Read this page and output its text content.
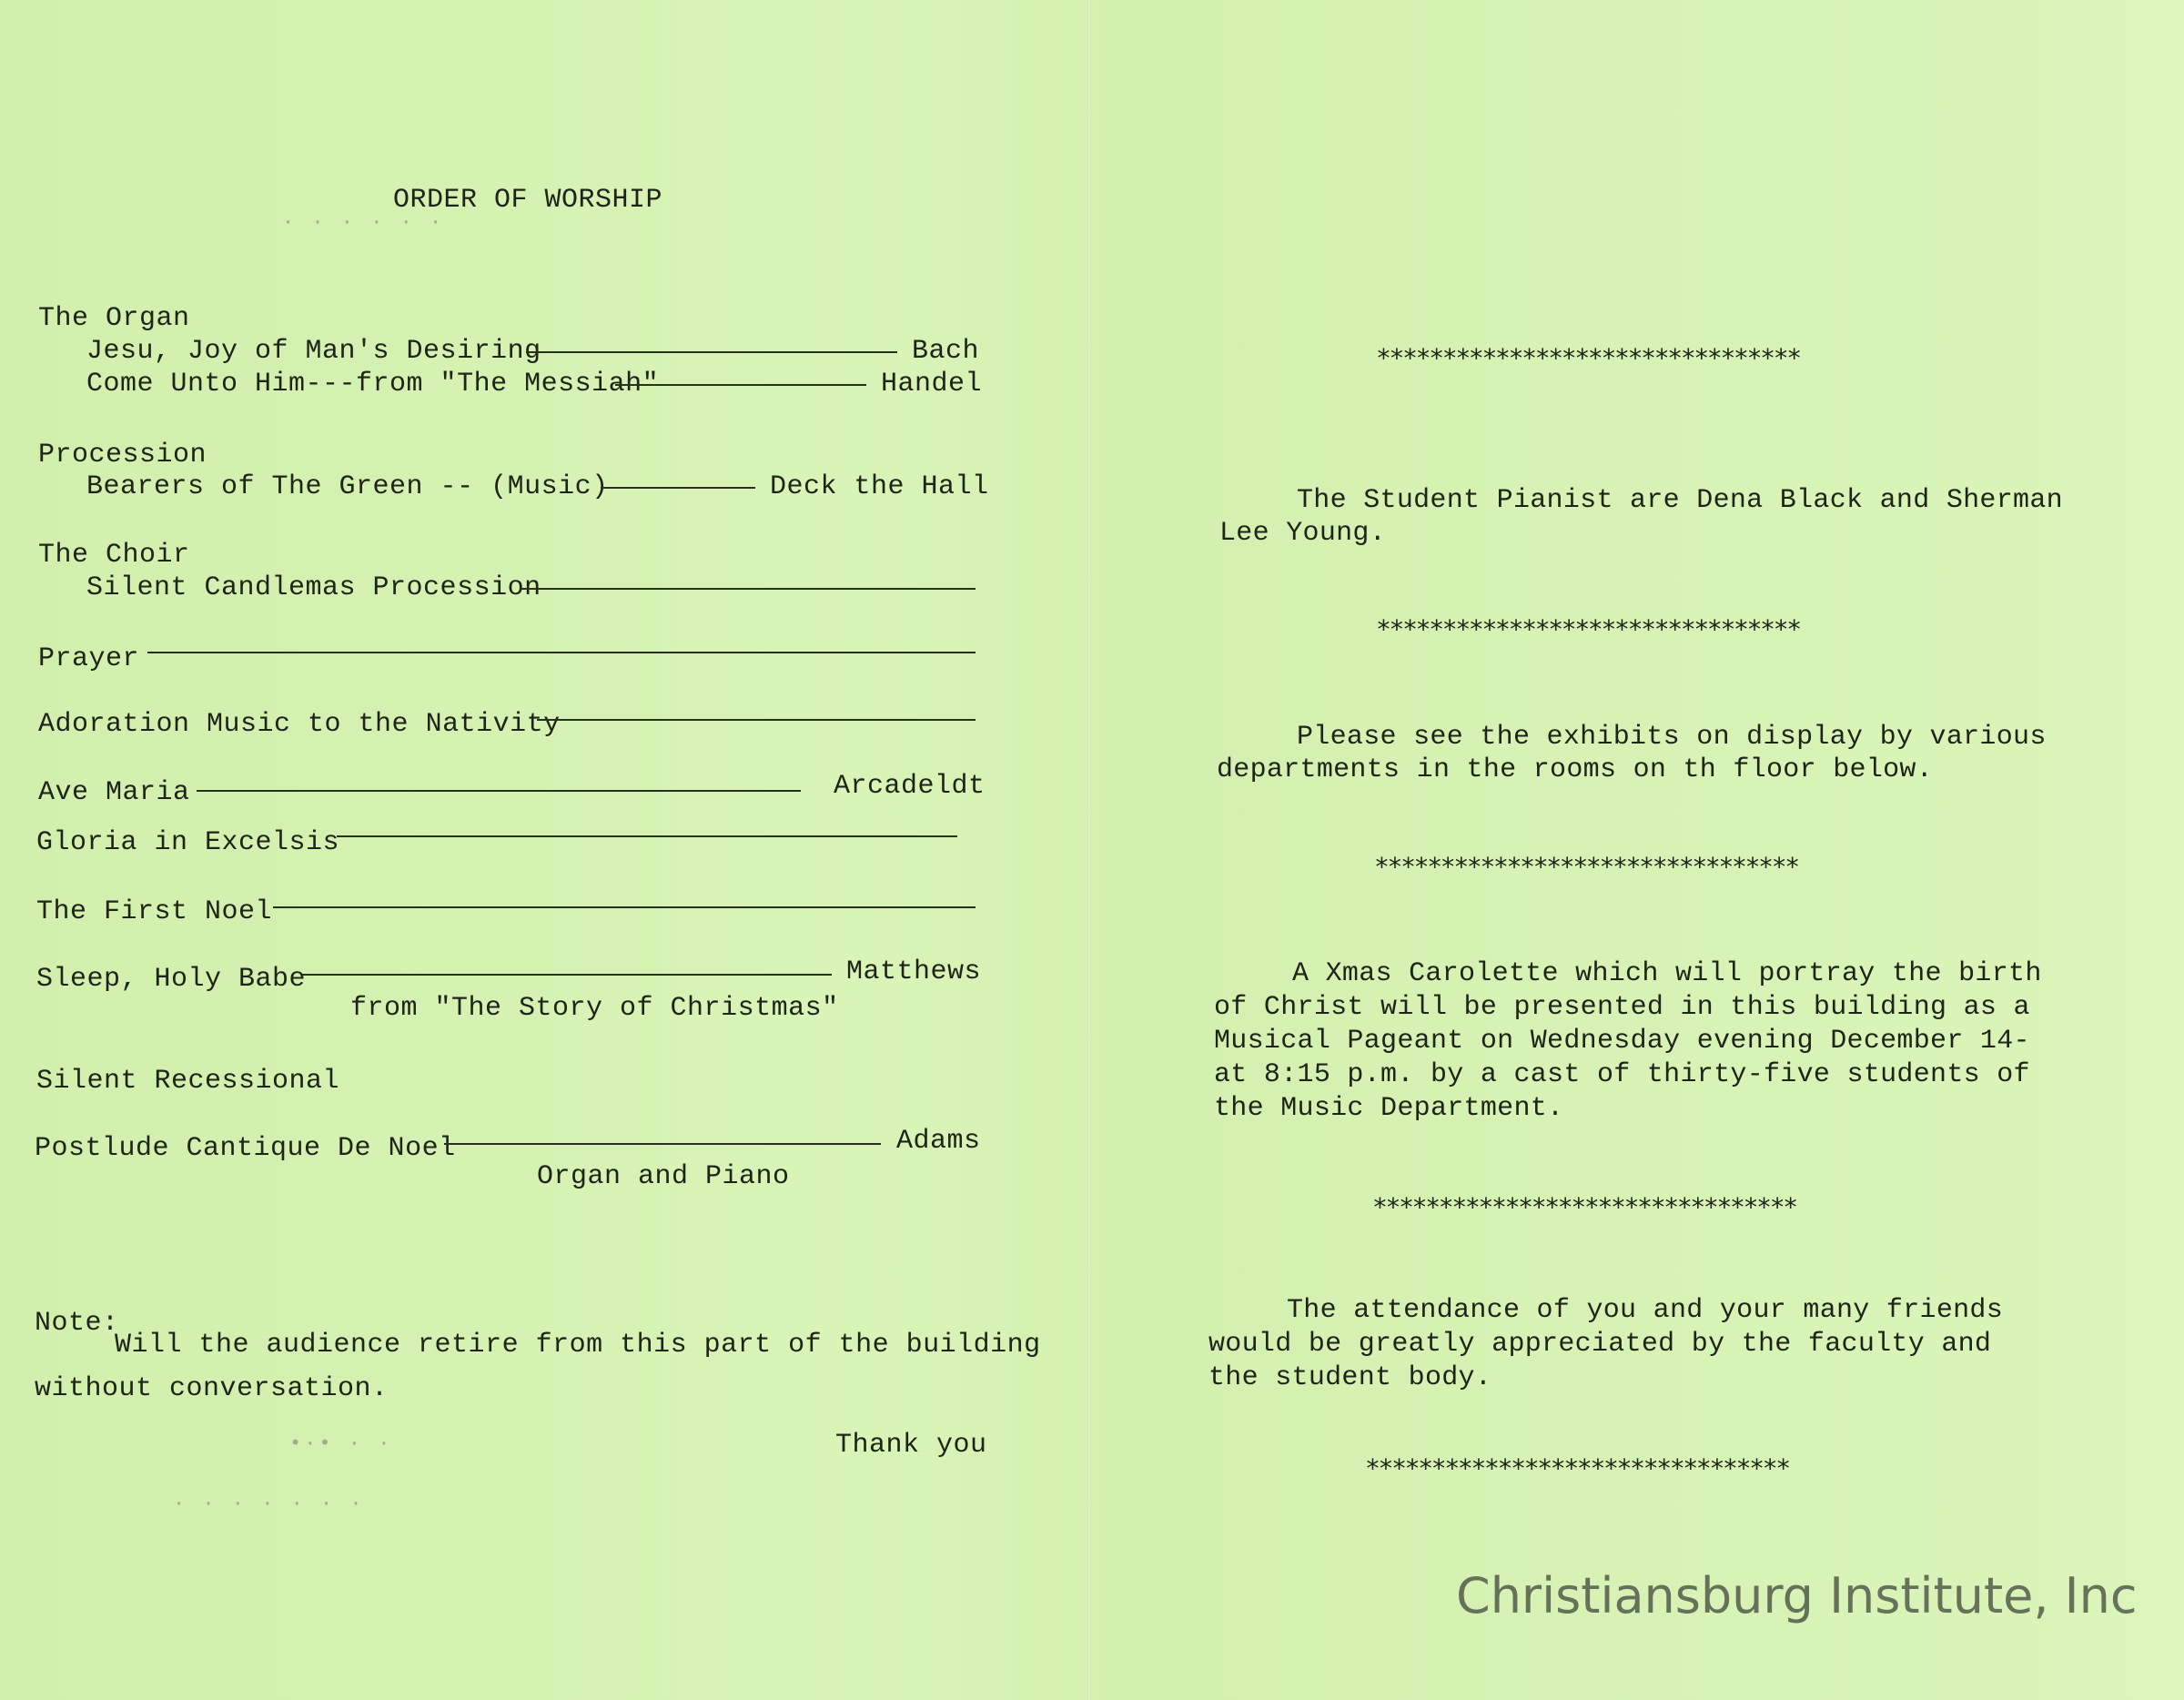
ORDER OF WORSHIP
· · · · · ·
The Organ
Jesu, Joy of Man's Desiring	Bach
Come Unto Him---from "The Messiah"	Handel
Procession
Bearers of The Green -- (Music)	Deck the Hall
The Choir
Silent Candlemas Procession
Prayer
Adoration Music to the Nativity
Ave Maria	Arcadeldt
Gloria in Excelsis
The First Noel
Sleep, Holy Babe	Matthews
from "The Story of Christmas"
Silent Recessional
Postlude Cantique De Noel	Adams
Organ and Piano
Note:
Will the audience retire from this part of the building
without conversation.
Thank you
•·• · ·
· · · · · · ·
********************************
The Student Pianist are Dena Black and Sherman
Lee Young.
********************************
Please see the exhibits on display by various
departments in the rooms on th floor below.
********************************
A Xmas Carolette which will portray the birth
of Christ will be presented in this building as a
Musical Pageant on Wednesday evening December 14-
at 8:15 p.m. by a cast of thirty-five students of
the Music Department.
********************************
The attendance of you and your many friends
would be greatly appreciated by the faculty and
the student body.
********************************
Christiansburg Institute, Inc
